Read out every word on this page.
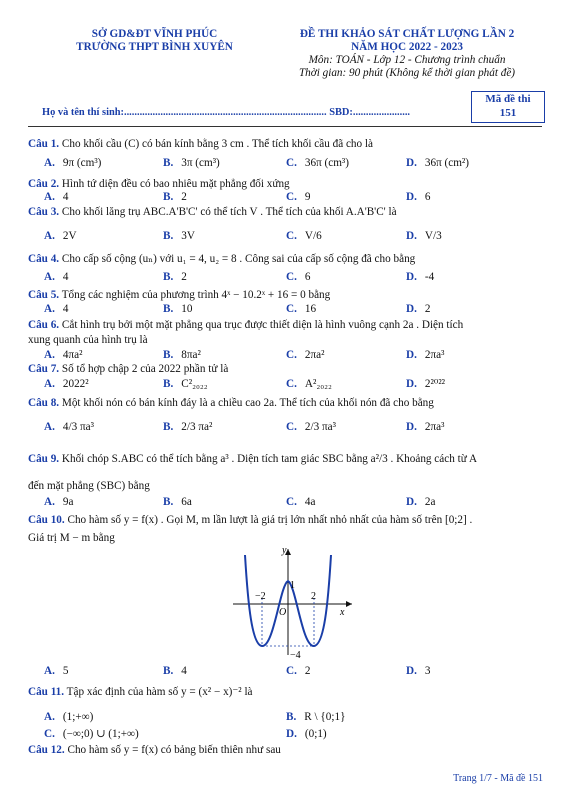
SỞ GD&ĐT VĨNH PHÚC
TRƯỜNG THPT BÌNH XUYÊN
ĐỀ THI KHẢO SÁT CHẤT LƯỢNG LẦN 2
NĂM HỌC 2022 - 2023
Môn: TOÁN - Lớp 12 - Chương trình chuẩn
Thời gian: 90 phút (Không kể thời gian phát đề)
Mã đề thi
151
Họ và tên thí sinh:.............................................................................. SBD:......................
Câu 1. Cho khối cầu (C) có bán kính bằng 3 cm . Thể tích khối cầu đã cho là
A. 9π (cm³)	B. 3π (cm³)	C. 36π (cm³)	D. 36π (cm²)
Câu 2. Hình tứ diện đều có bao nhiêu mặt phẳng đối xứng
A. 4	B. 2	C. 9	D. 6
Câu 3. Cho khối lăng trụ ABC.A'B'C' có thể tích V . Thể tích của khối A.A'B'C' là
A. 2V	B. 3V	C. V/6	D. V/3
Câu 4. Cho cấp số cộng (uₙ) với u₁ = 4, u₂ = 8 . Công sai của cấp số cộng đã cho bằng
A. 4	B. 2	C. 6	D. -4
Câu 5. Tổng các nghiệm của phương trình 4ˣ − 10.2ˣ + 16 = 0 bằng
A. 4	B. 10	C. 16	D. 2
Câu 6. Cắt hình trụ bởi một mặt phẳng qua trục được thiết diện là hình vuông cạnh 2a . Diện tích
xung quanh của hình trụ là
A. 4πa²	B. 8πa²	C. 2πa²	D. 2πa³
Câu 7. Số tổ hợp chập 2 của 2022 phần tử là
A. 2022²	B. C²₂₀₂₂	C. A²₂₀₂₂	D. 2²⁰²²
Câu 8. Một khối nón có bán kính đáy là a chiều cao 2a. Thể tích của khối nón đã cho bằng
A. 4/3 πa³	B. 2/3 πa²	C. 2/3 πa³	D. 2πa³
Câu 9. Khối chóp S.ABC có thể tích bằng a³ . Diện tích tam giác SBC bằng a²/3 . Khoảng cách từ A
đến mặt phẳng (SBC) bằng
A. 9a	B. 6a	C. 4a	D. 2a
Câu 10. Cho hàm số y = f(x) . Gọi M, m lần lượt là giá trị lớn nhất nhỏ nhất của hàm số trên [0;2] .
Giá trị M − m bằng
A. 5	B. 4	C. 2	D. 3
Câu 11. Tập xác định của hàm số y = (x² − x)⁻² là
A. (1;+∞)	B. R \ {0;1}
C. (−∞;0) ∪ (1;+∞)	D. (0;1)
Câu 12. Cho hàm số y = f(x) có bảng biến thiên như sau
y
x
O
−2	2
1
−4
Trang 1/7 - Mã đề 151
